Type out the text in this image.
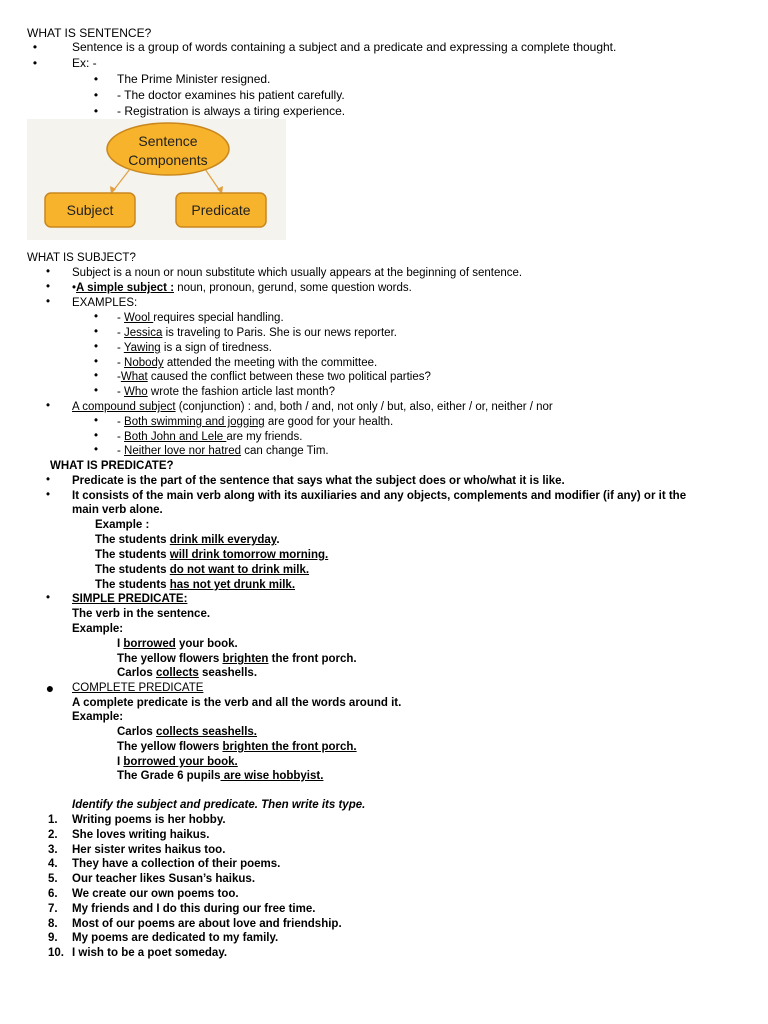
WHAT IS SENTENCE?
•	Sentence is a group of words containing a subject and a predicate and expressing a complete thought.
•	Ex: -
• The Prime Minister resigned.
• - The doctor examines his patient carefully.
• - Registration is always a tiring experience.
Sentence
Components
Subject	Predicate
WHAT IS SUBJECT?
• Subject is a noun or noun substitute which usually appears at the beginning of sentence.
• •A simple subject : noun, pronoun, gerund, some question words.
• EXAMPLES:
• - Wool requires special handling.
• - Jessica is traveling to Paris. She is our news reporter.
• - Yawing is a sign of tiredness.
• - Nobody attended the meeting with the committee.
• -What caused the conflict between these two political parties?
• - Who wrote the fashion article last month?
• A compound subject (conjunction) : and, both / and, not only / but, also, either / or, neither / nor
• - Both swimming and jogging are good for your health.
• - Both John and Lele are my friends.
• - Neither love nor hatred can change Tim.
WHAT IS PREDICATE?
• Predicate is the part of the sentence that says what the subject does or who/what it is like.
• It consists of the main verb along with its auxiliaries and any objects, complements and modifier (if any) or it the
main verb alone.
Example :
The students drink milk everyday.
The students will drink tomorrow morning.
The students do not want to drink milk.
The students has not yet drunk milk.
• SIMPLE PREDICATE:
The verb in the sentence.
Example:
I borrowed your book.
The yellow flowers brighten the front porch.
Carlos collects seashells.
● COMPLETE PREDICATE
A complete predicate is the verb and all the words around it.
Example:
Carlos collects seashells.
The yellow flowers brighten the front porch.
I borrowed your book.
The Grade 6 pupils are wise hobbyist.
Identify the subject and predicate. Then write its type.
1. Writing poems is her hobby.
2. She loves writing haikus.
3. Her sister writes haikus too.
4. They have a collection of their poems.
5. Our teacher likes Susan’s haikus.
6. We create our own poems too.
7. My friends and I do this during our free time.
8. Most of our poems are about love and friendship.
9. My poems are dedicated to my family.
10. I wish to be a poet someday.
